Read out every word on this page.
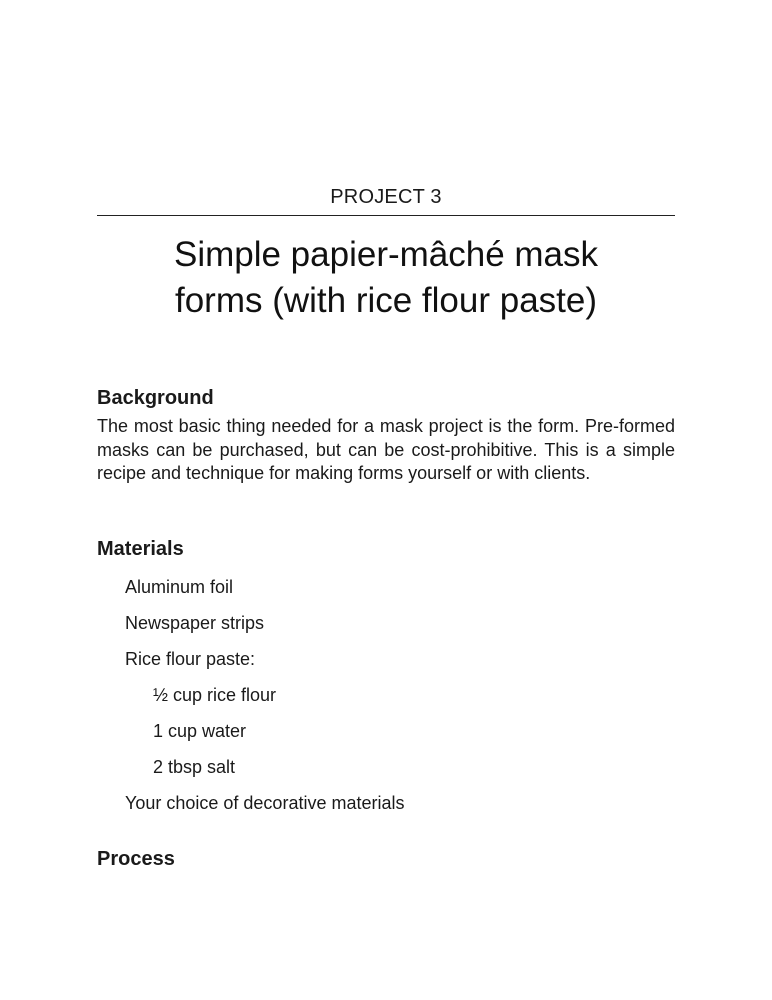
PROJECT 3
Simple papier-mâché mask
forms (with rice flour paste)
Background

The most basic thing needed for a mask project is the form. Pre-formed masks can be purchased, but can be cost-prohibitive. This is a simple recipe and technique for making forms yourself or with clients.

Materials
Aluminum foil
Newspaper strips
Rice flour paste:
½ cup rice flour
1 cup water
2 tbsp salt
Your choice of decorative materials
Process
